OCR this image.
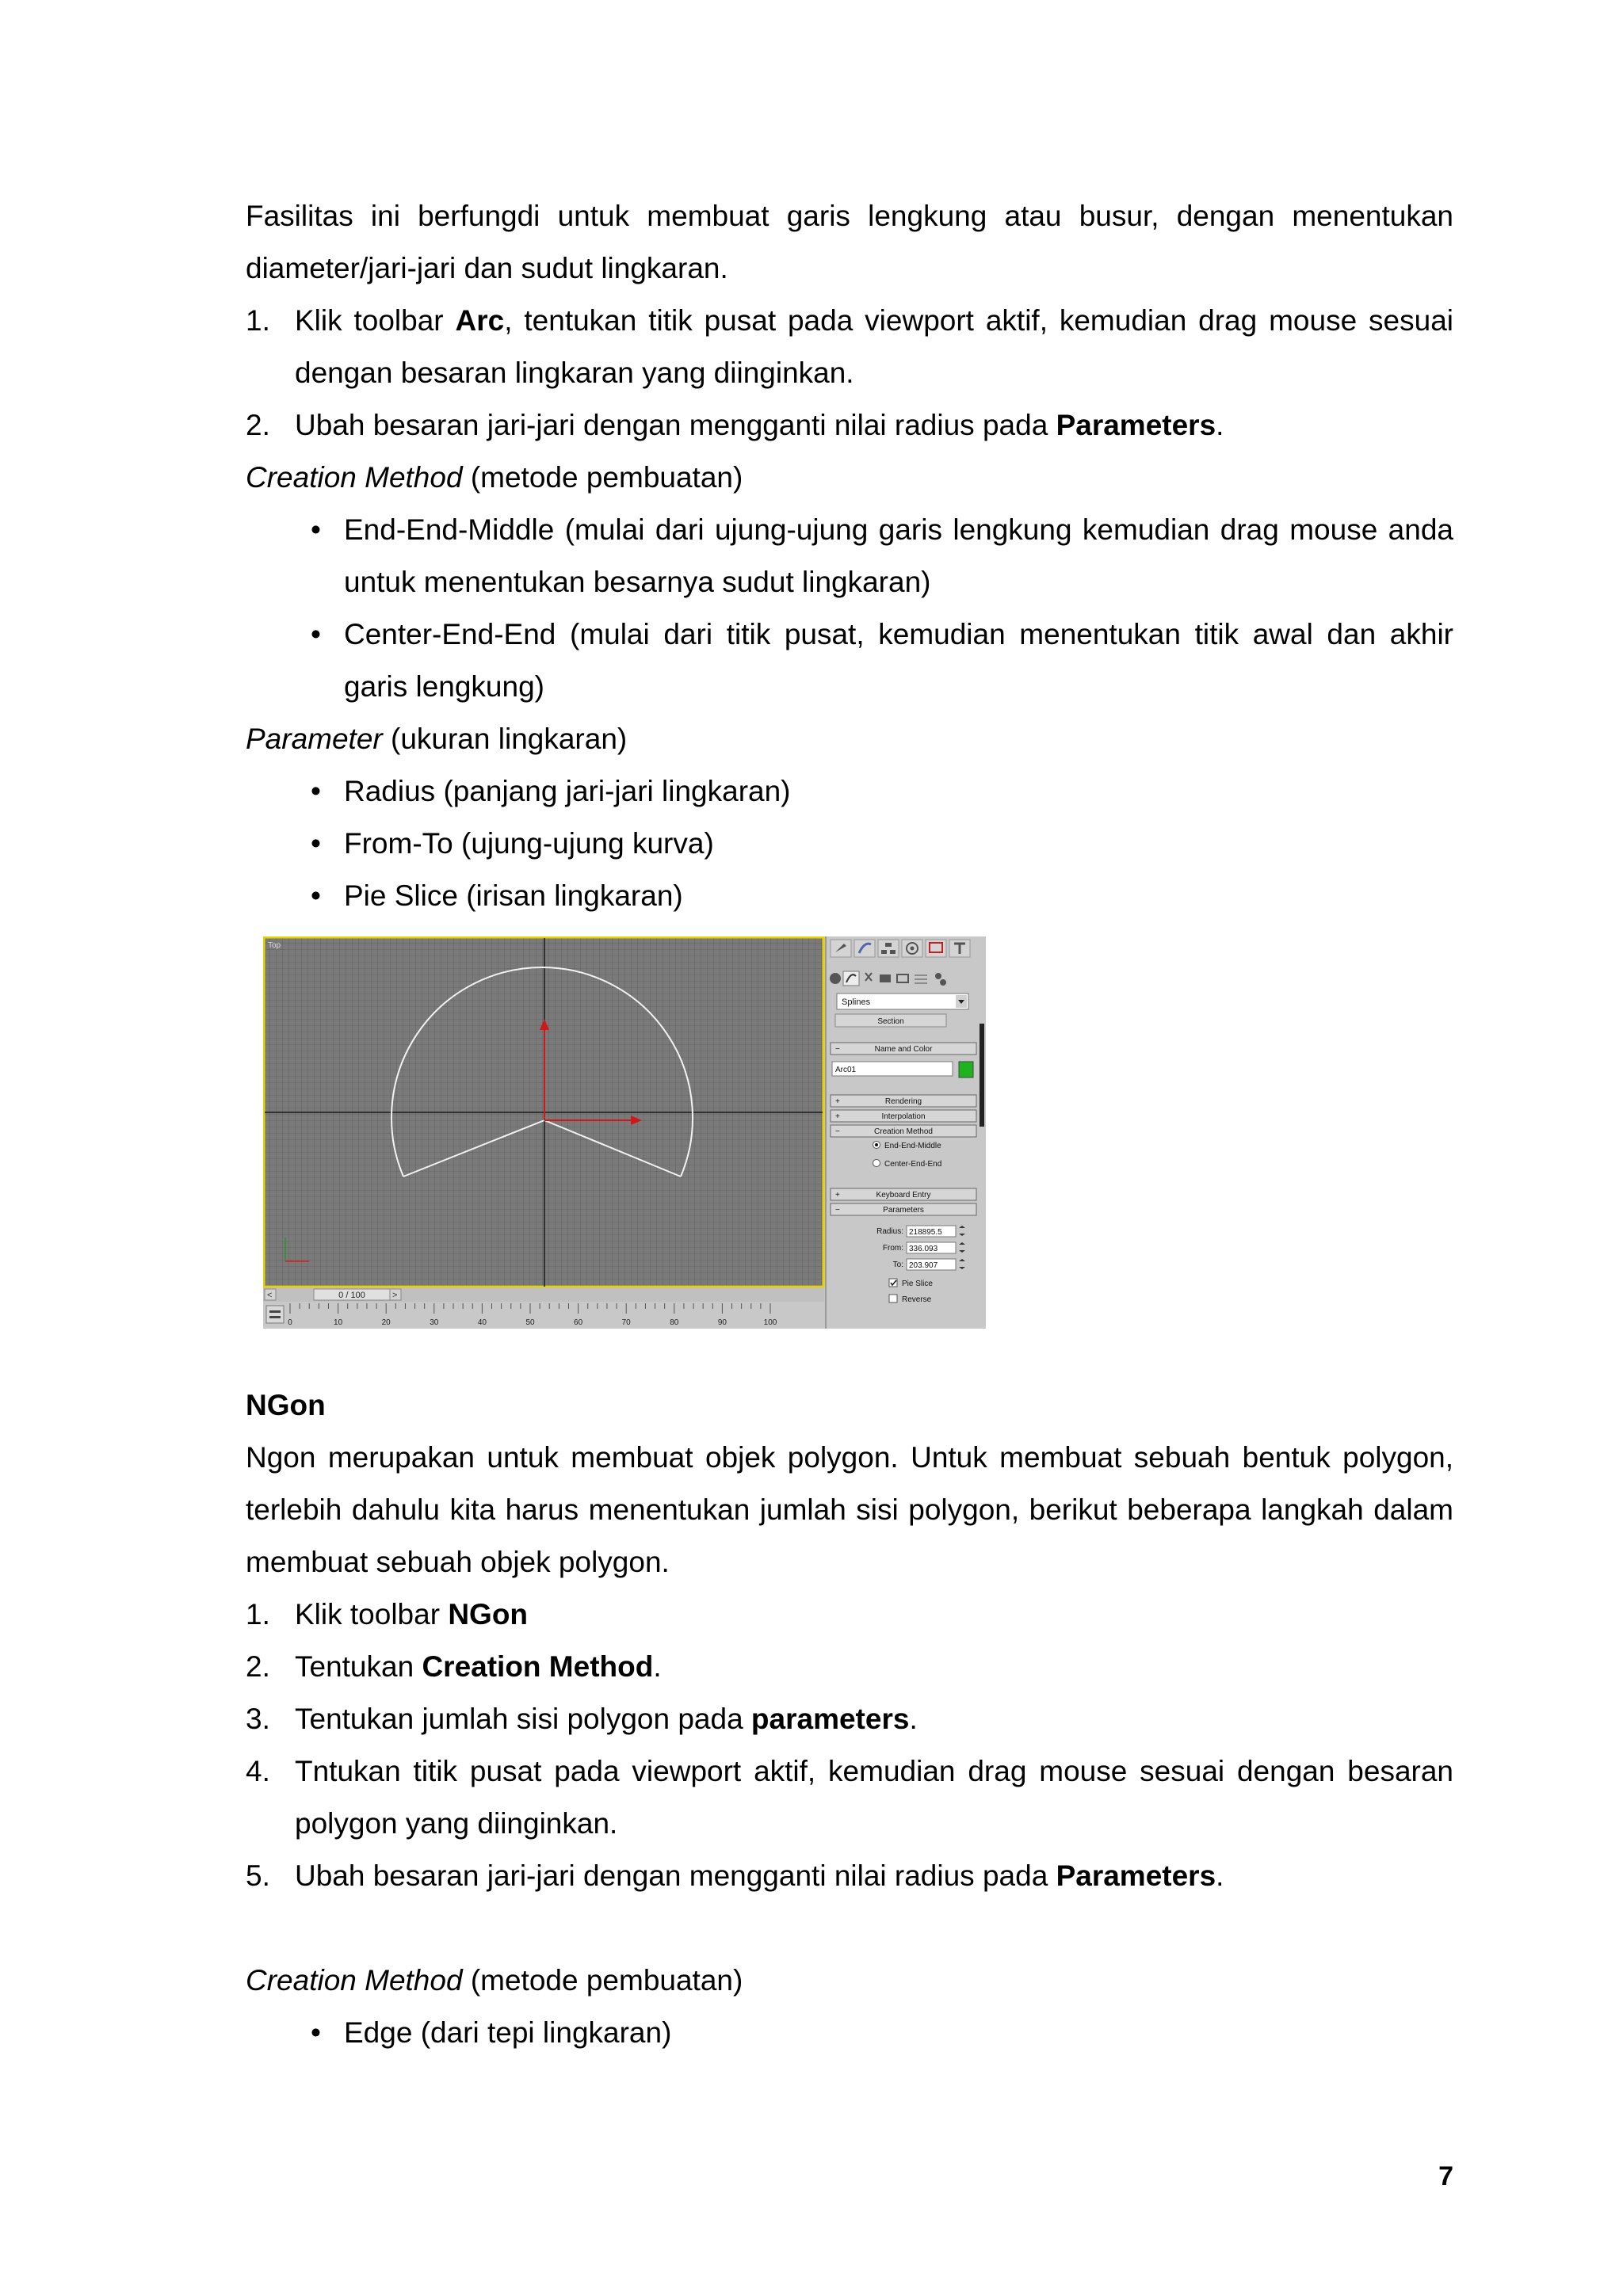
Fasilitas ini berfungdi untuk membuat garis lengkung atau busur, dengan menentukan diameter/jari-jari dan sudut lingkaran.

1. Klik toolbar Arc, tentukan titik pusat pada viewport aktif, kemudian drag mouse sesuai dengan besaran lingkaran yang diinginkan.
2. Ubah besaran jari-jari dengan mengganti nilai radius pada Parameters.

Creation Method (metode pembuatan)

• End-End-Middle (mulai dari ujung-ujung garis lengkung kemudian drag mouse anda untuk menentukan besarnya sudut lingkaran)
• Center-End-End (mulai dari titik pusat, kemudian menentukan titik awal dan akhir garis lengkung)

Parameter (ukuran lingkaran)

• Radius (panjang jari-jari lingkaran)
• From-To (ujung-ujung kurva)
• Pie Slice (irisan lingkaran)
Top
<	0 / 100	>
0	10	20	30	40	50	60	70	80	90	100
Splines
Section
−	Name and Color
Arc01
+	Rendering
+	Interpolation
−	Creation Method
End-End-Middle
Center-End-End
+	Keyboard Entry
−	Parameters
Radius: 218895.5
From: 336.093
To: 203.907
Pie Slice
Reverse

NGon

Ngon merupakan untuk membuat objek polygon. Untuk membuat sebuah bentuk polygon, terlebih dahulu kita harus menentukan jumlah sisi polygon, berikut beberapa langkah dalam membuat sebuah objek polygon.

1. Klik toolbar NGon
2. Tentukan Creation Method.
3. Tentukan jumlah sisi polygon pada parameters.
4. Tntukan titik pusat pada viewport aktif, kemudian drag mouse sesuai dengan besaran polygon yang diinginkan.
5. Ubah besaran jari-jari dengan mengganti nilai radius pada Parameters.

Creation Method (metode pembuatan)

• Edge (dari tepi lingkaran)
7
